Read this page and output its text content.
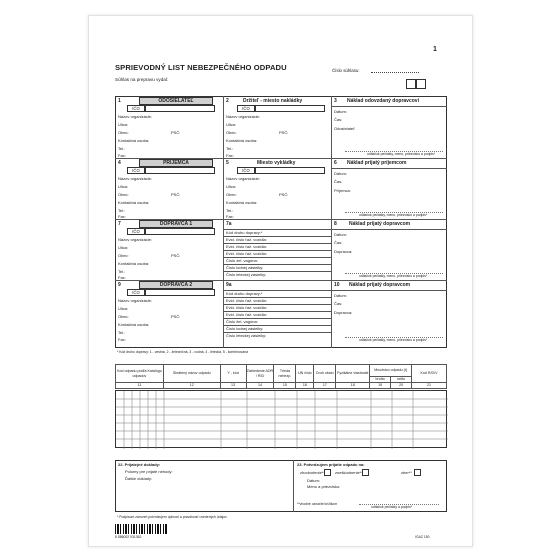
1
SPRIEVODNÝ LIST NEBEZPEČNÉHO ODPADU
Súhlas na prepravu vydal:
Číslo súhlasu:
1	ODOSIELATEĽ
IČO
Názov organizácie:
Ulica:
Obec:	PSČ:
Kontaktná osoba:
Tel.:
Fax:
2	Držiteľ - miesto nakládky
IČO
Názov organizácie:
Ulica:
Obec:	PSČ:
Kontaktná osoba:
Tel.:
Fax:
3 Náklad odovzdaný dopravcovi
Dátum:
Čas:
Odosielateľ:
odtlačok pečiatky, meno, priezvisko a podpis*
4	PRÍJEMCA
IČO
Názov organizácie:
Ulica:
Obec:	PSČ:
Kontaktná osoba:
Tel.:
Fax:
5	Miesto vykládky
IČO
Názov organizácie:
Ulica:
Obec:	PSČ:
Kontaktná osoba:
Tel.:
Fax:
6 Náklad prijatý príjemcom
Dátum:
Čas:
Príjemca:
odtlačok pečiatky, meno, priezvisko a podpis*
7	DOPRAVCA 1
IČO
Názov organizácie:
Ulica:
Obec:	PSČ:
Kontaktná osoba:
Tel.:
Fax:
7a
Kód druhu dopravy:*
Evid. číslo ťaž. vozidla:
Evid. číslo ťaž. vozidla:
Evid. číslo ťaž. vozidla:
Číslo žel. vagóna:
Číslo lodnej zásielky:
Číslo leteckej zásielky:
8 Náklad prijatý dopravcom
Dátum:
Čas:
Dopravca:
odtlačok pečiatky, meno, priezvisko a podpis*
9	DOPRAVCA 2
IČO
Názov organizácie:
Ulica:
Obec:	PSČ:
Kontaktná osoba:
Tel.:
Fax:
9a
Kód druhu dopravy:*
Evid. číslo ťaž. vozidla:
Evid. číslo ťaž. vozidla:
Evid. číslo ťaž. vozidla:
Číslo žel. vagóna:
Číslo lodnej zásielky:
Číslo leteckej zásielky:
10 Náklad prijatý dopravcom
Dátum:
Čas:
Dopravca:
odtlačok pečiatky, meno, priezvisko a podpis*
* Kód druhu dopravy: 1 - cestná, 2 - železničná, 3 - vodná, 4 - letecká, 5 - kombinovaná
Kód odpadu podľa Katalógu odpadov	Skrátený názov odpadu	Y - kód	Zatriedenie ADR / RID	Trieda nebezp.	UN číslo	Druh obalu	Fyzikálne vlastnosti	Množstvo odpadu (t)		Kód R/D/V
								brutto	netto	
11	12	13	14	15	16	17	18	19	20	21
22. Prijatejné doklady:
Polomy pre prijaté nehody:
Ďalšie doklady:
23. Potvrdzujem prijatie odpadu na:
zhodnotenie**	zneškodnenie**	zber**
Dátum:
Meno a priezvisko:
**vhodné označte krížikom
odtlačok pečiatky a podpis*
* Podpisom zároveň potvrdzujem úplnosť a pravdivosť uvedených údajov
8 586002 031362	IGAZ 150
